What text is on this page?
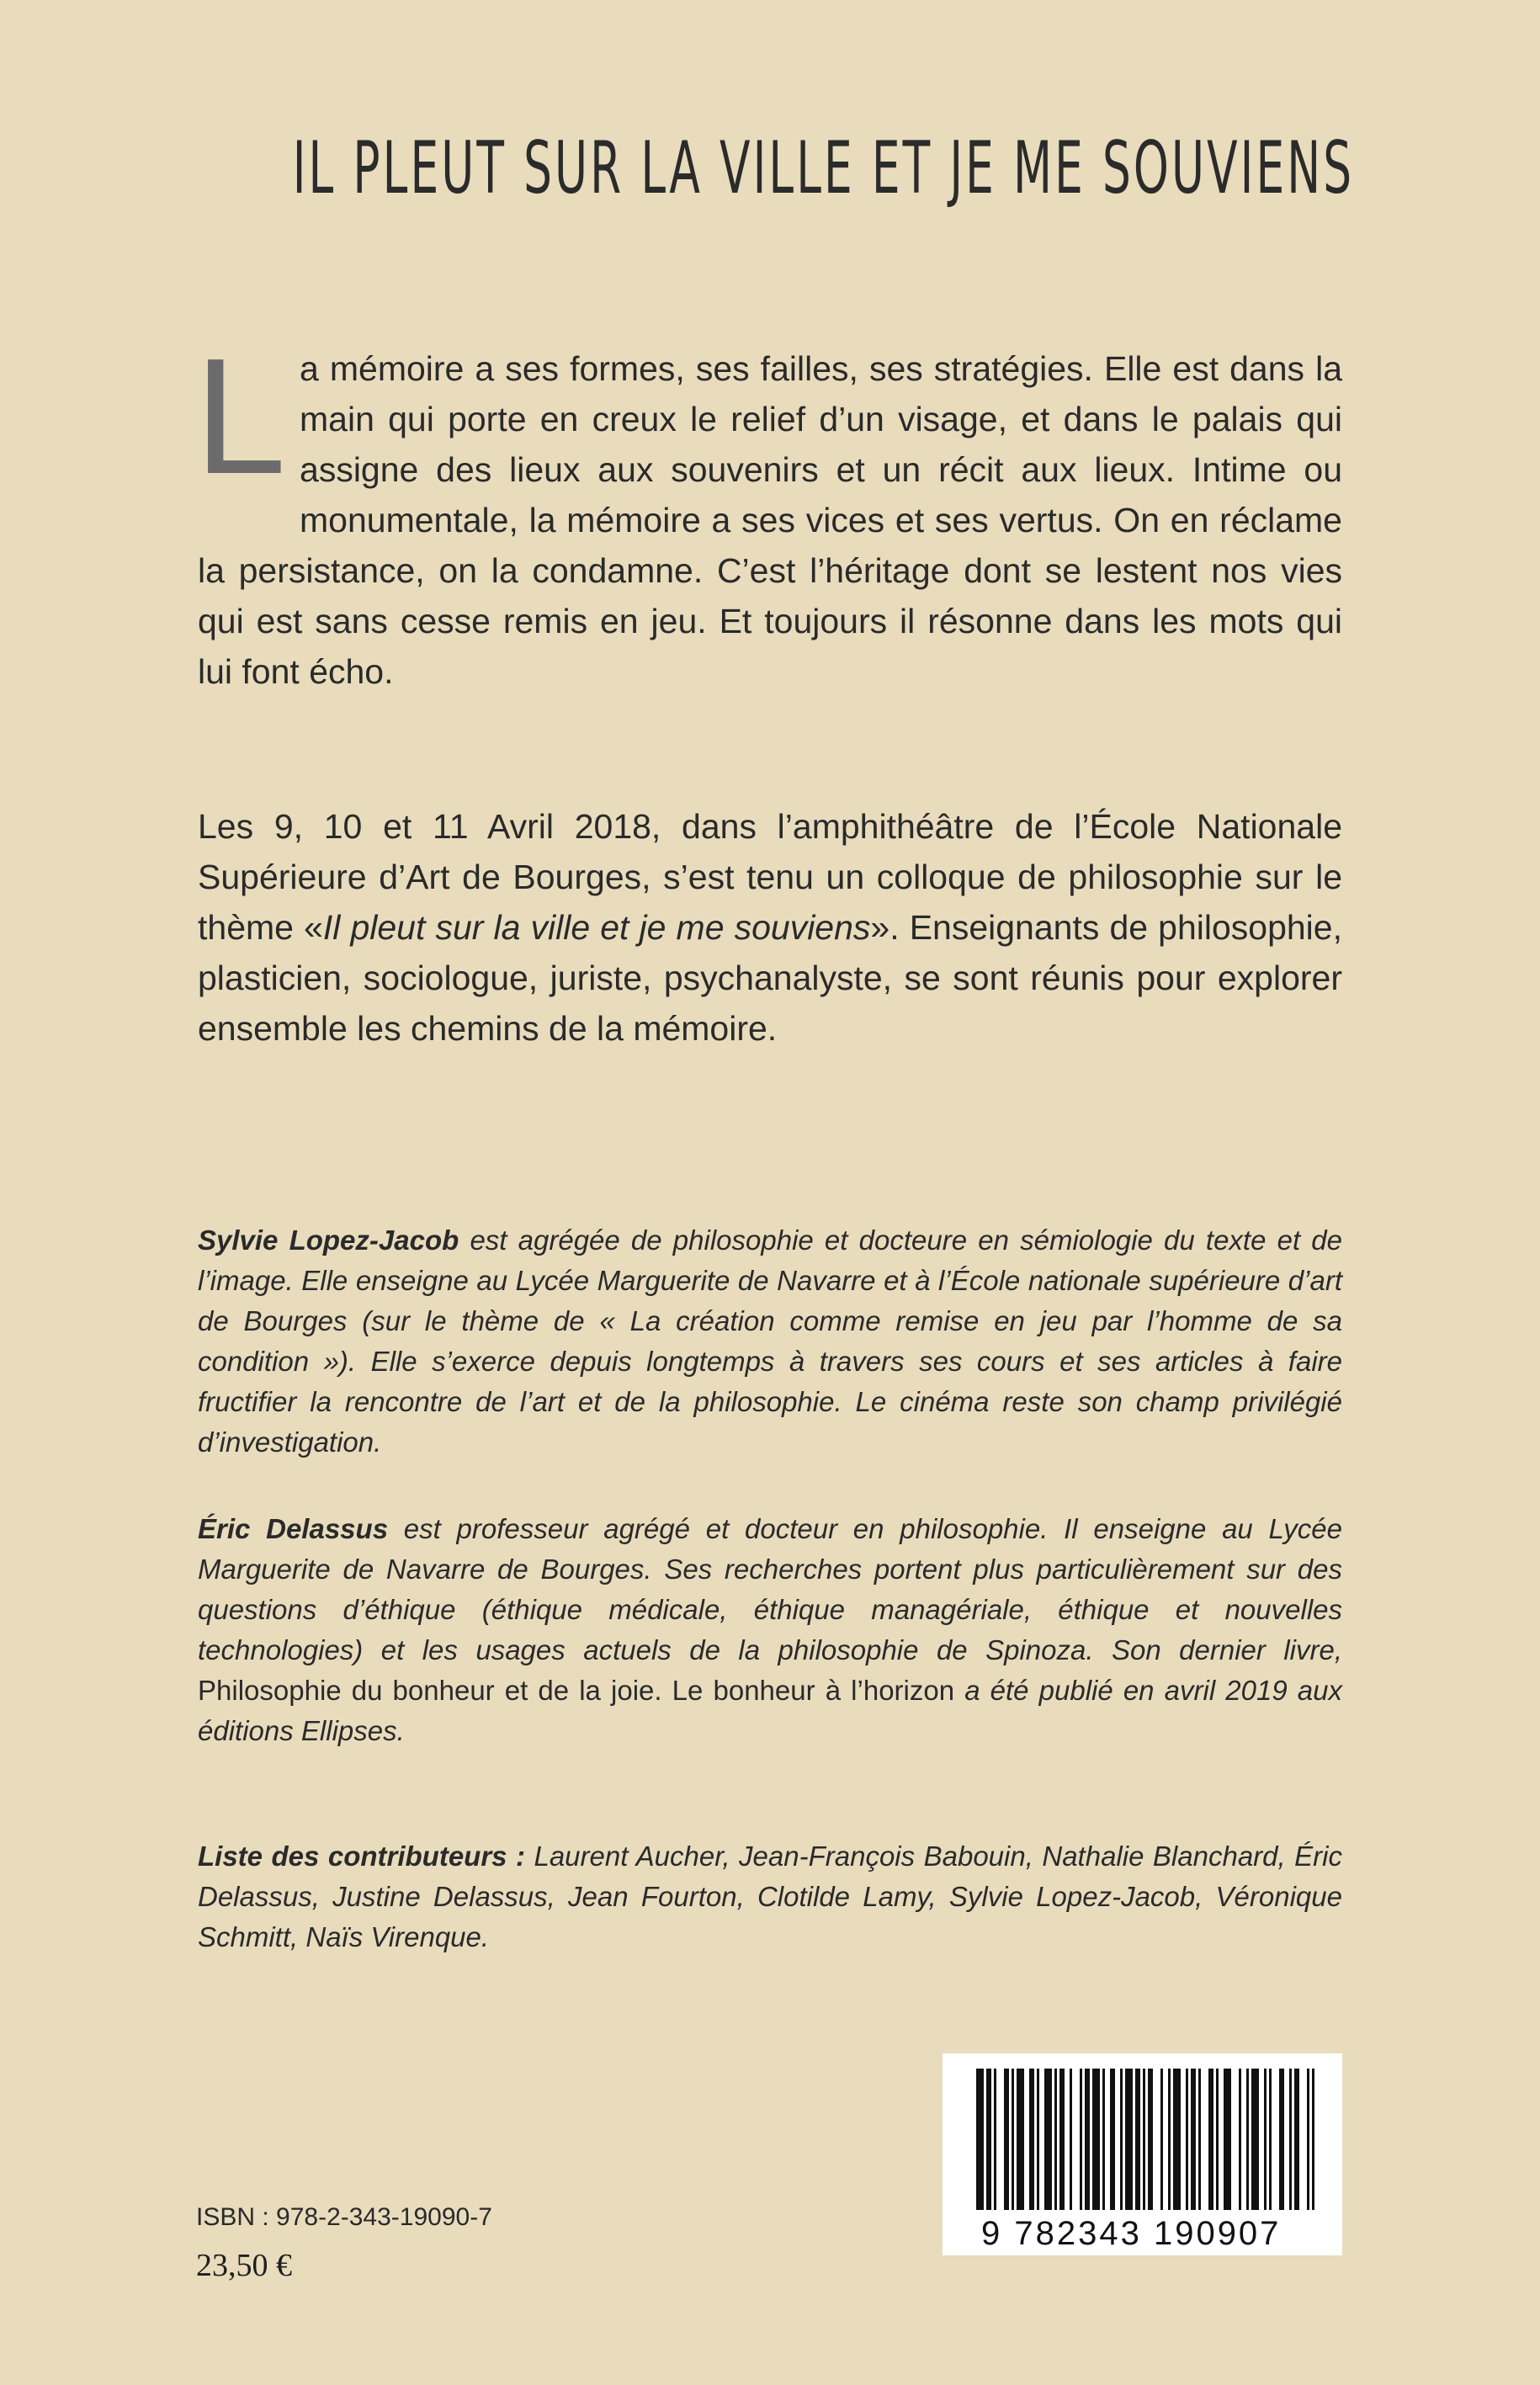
IL PLEUT SUR LA VILLE ET JE ME SOUVIENS
La mémoire a ses formes, ses failles, ses stratégies. Elle est dans la main qui porte en creux le relief d’un visage, et dans le palais qui assigne des lieux aux souvenirs et un récit aux lieux. Intime ou monumentale, la mémoire a ses vices et ses vertus. On en réclame la persistance, on la condamne. C’est l’héritage dont se lestent nos vies qui est sans cesse remis en jeu. Et toujours il résonne dans les mots qui lui font écho.
Les 9, 10 et 11 Avril 2018, dans l’amphithéâtre de l’École Nationale Supérieure d’Art de Bourges, s’est tenu un colloque de philosophie sur le thème «Il pleut sur la ville et je me souviens». Enseignants de philosophie, plasticien, sociologue, juriste, psychanalyste, se sont réunis pour explorer ensemble les chemins de la mémoire.
Sylvie Lopez-Jacob est agrégée de philosophie et docteure en sémiologie du texte et de l’image. Elle enseigne au Lycée Marguerite de Navarre et à l’École nationale supérieure d’art de Bourges (sur le thème de « La création comme remise en jeu par l’homme de sa condition »). Elle s’exerce depuis longtemps à travers ses cours et ses articles à faire fructifier la rencontre de l’art et de la philosophie. Le cinéma reste son champ privilégié d’investigation.
Éric Delassus est professeur agrégé et docteur en philosophie. Il enseigne au Lycée Marguerite de Navarre de Bourges. Ses recherches portent plus particulièrement sur des questions d’éthique (éthique médicale, éthique managériale, éthique et nouvelles technologies) et les usages actuels de la philosophie de Spinoza. Son dernier livre, Philosophie du bonheur et de la joie. Le bonheur à l’horizon a été publié en avril 2019 aux éditions Ellipses.
Liste des contributeurs : Laurent Aucher, Jean-François Babouin, Nathalie Blanchard, Éric Delassus, Justine Delassus, Jean Fourton, Clotilde Lamy, Sylvie Lopez-Jacob, Véronique Schmitt, Naïs Virenque.
ISBN : 978-2-343-19090-7
23,50 €
9 782343 190907
